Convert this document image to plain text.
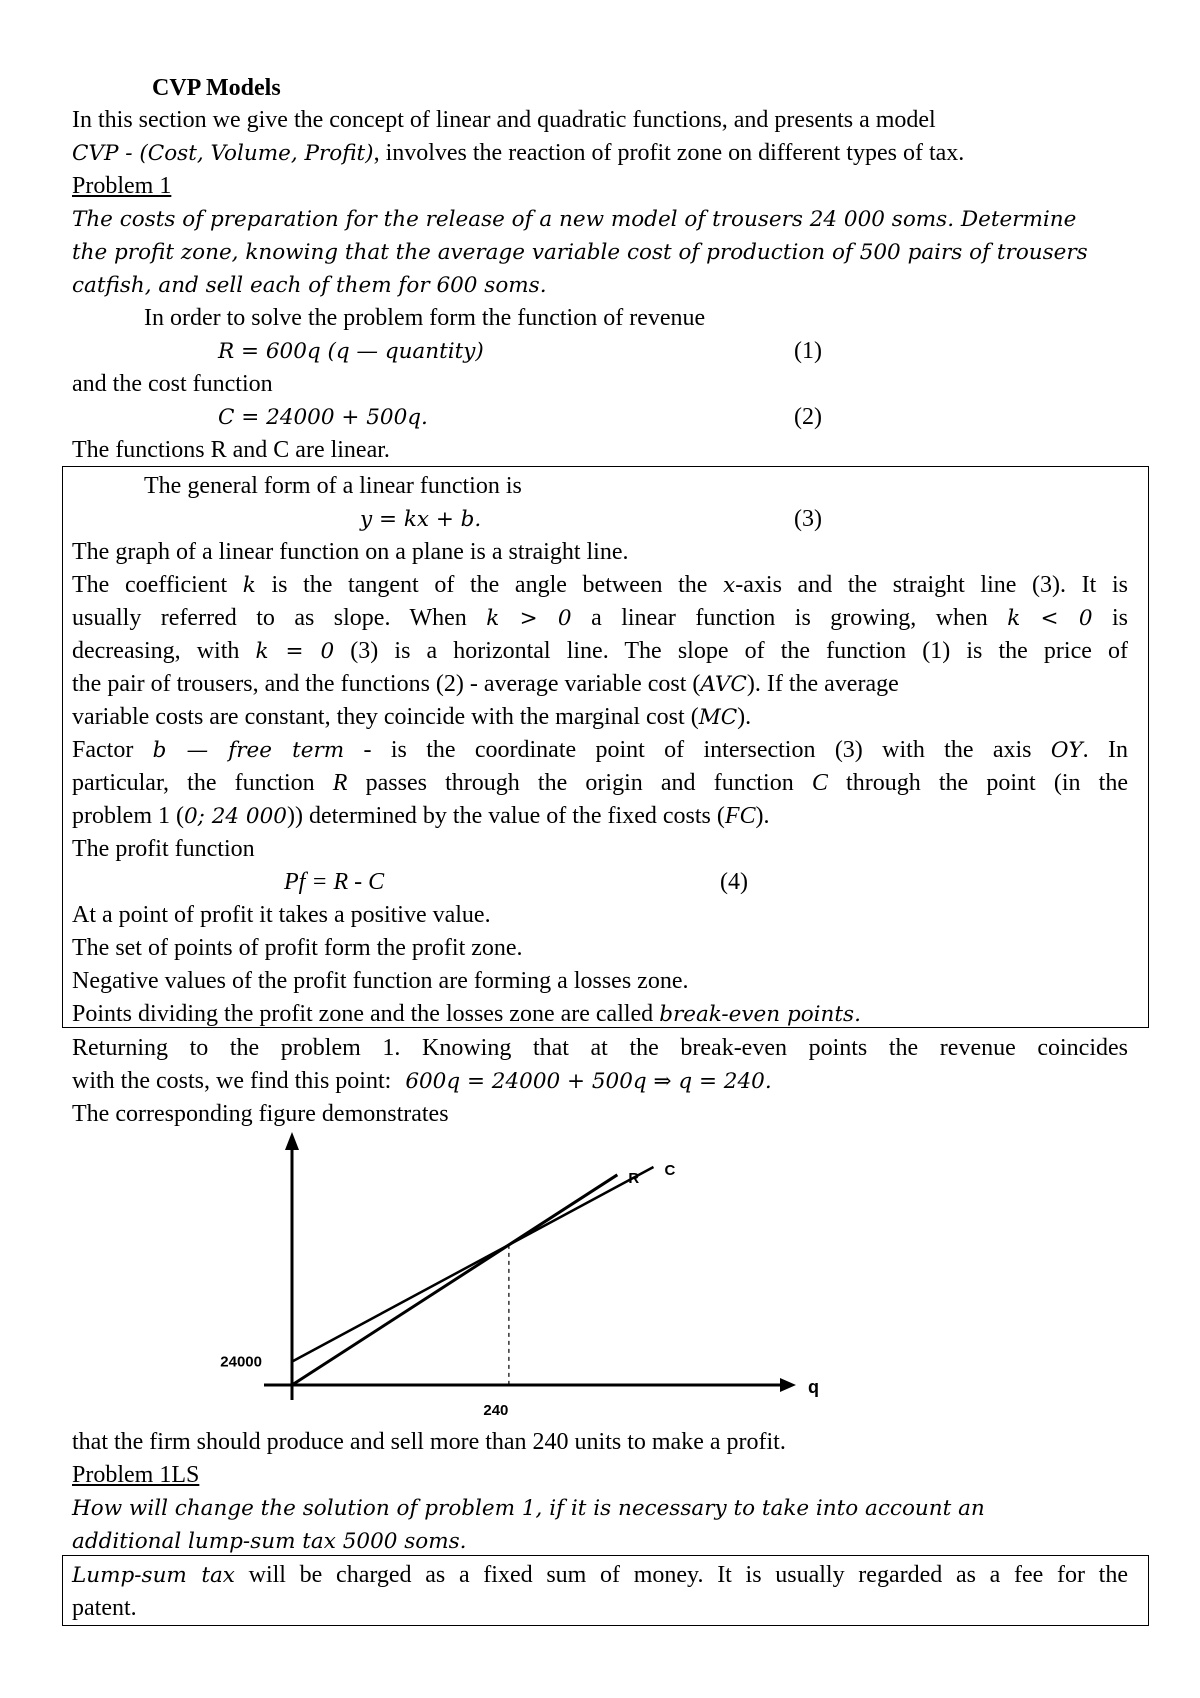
CVP Models
In this section we give the concept of linear and quadratic functions, and presents a model
CVP - (Cost, Volume, Profit), involves the reaction of profit zone on different types of tax.
Problem 1
The costs of preparation for the release of a new model of trousers 24 000 soms. Determine
the profit zone, knowing that the average variable cost of production of 500 pairs of trousers
catfish, and sell each of them for 600 soms.
In order to solve the problem form the function of revenue
R = 600q (q — quantity)	(1)
and the cost function
C = 24000 + 500q.	(2)
The functions R and C are linear.
The general form of a linear function is
y = kx + b.	(3)
The graph of a linear function on a plane is a straight line.
The coefficient k is the tangent of the angle between the x-axis and the straight line (3). It is
usually referred to as slope. When k > 0 a linear function is growing, when k < 0 is
decreasing, with k = 0 (3) is a horizontal line. The slope of the function (1) is the price of
the pair of trousers, and the functions (2) - average variable cost (AVC). If the average
variable costs are constant, they coincide with the marginal cost (MC).
Factor b — free term - is the coordinate point of intersection (3) with the axis OY. In
particular, the function R passes through the origin and function C through the point (in the
problem 1 (0; 24 000)) determined by the value of the fixed costs (FC).
The profit function
Pf = R - C	(4)
At a point of profit it takes a positive value.
The set of points of profit form the profit zone.
Negative values of the profit function are forming a losses zone.
Points dividing the profit zone and the losses zone are called break-even points.
Returning to the problem 1. Knowing that at the break-even points the revenue coincides
with the costs, we find this point: 600q = 24000 + 500q ⇒ q = 240.
The corresponding figure demonstrates
R C
24000
240
q
that the firm should produce and sell more than 240 units to make a profit.
Problem 1LS
How will change the solution of problem 1, if it is necessary to take into account an
additional lump-sum tax 5000 soms.
Lump-sum tax will be charged as a fixed sum of money. It is usually regarded as a fee for the
patent.
